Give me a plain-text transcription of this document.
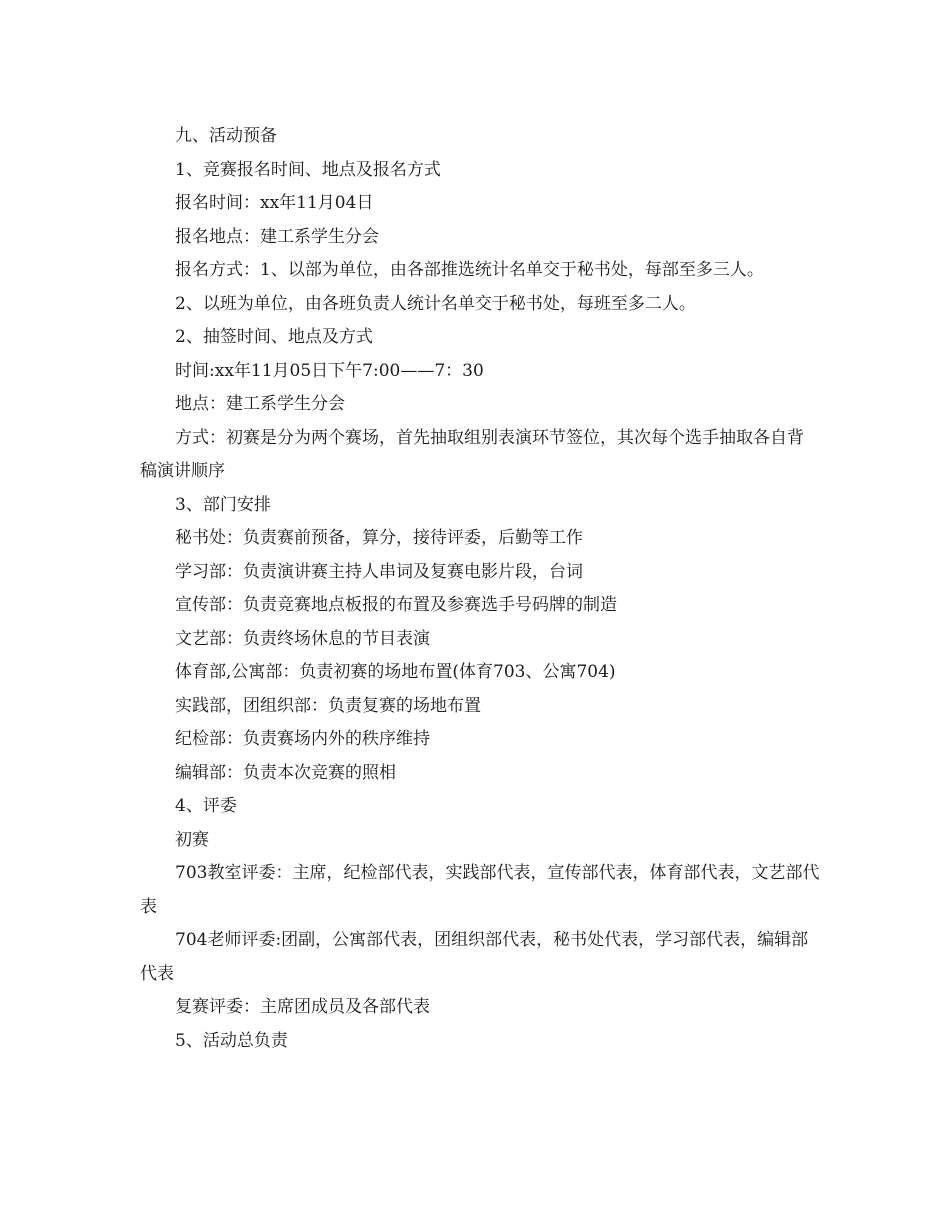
九、活动预备

1、竞赛报名时间、地点及报名方式

报名时间：xx年11月04日

报名地点：建工系学生分会

报名方式：1、以部为单位，由各部推选统计名单交于秘书处，每部至多三人。

2、以班为单位，由各班负责人统计名单交于秘书处，每班至多二人。

2、抽签时间、地点及方式

时间:xx年11月05日下午7:00——7：30

地点：建工系学生分会

方式：初赛是分为两个赛场，首先抽取组别表演环节签位，其次每个选手抽取各自背稿演讲顺序

3、部门安排

秘书处：负责赛前预备，算分，接待评委，后勤等工作

学习部：负责演讲赛主持人串词及复赛电影片段，台词

宣传部：负责竞赛地点板报的布置及参赛选手号码牌的制造

文艺部：负责终场休息的节目表演

体育部,公寓部：负责初赛的场地布置(体育703、公寓704)

实践部，团组织部：负责复赛的场地布置

纪检部：负责赛场内外的秩序维持

编辑部：负责本次竞赛的照相

4、评委

初赛

703教室评委：主席，纪检部代表，实践部代表，宣传部代表，体育部代表，文艺部代表

704老师评委:团副，公寓部代表，团组织部代表，秘书处代表，学习部代表，编辑部代表

复赛评委：主席团成员及各部代表

5、活动总负责
